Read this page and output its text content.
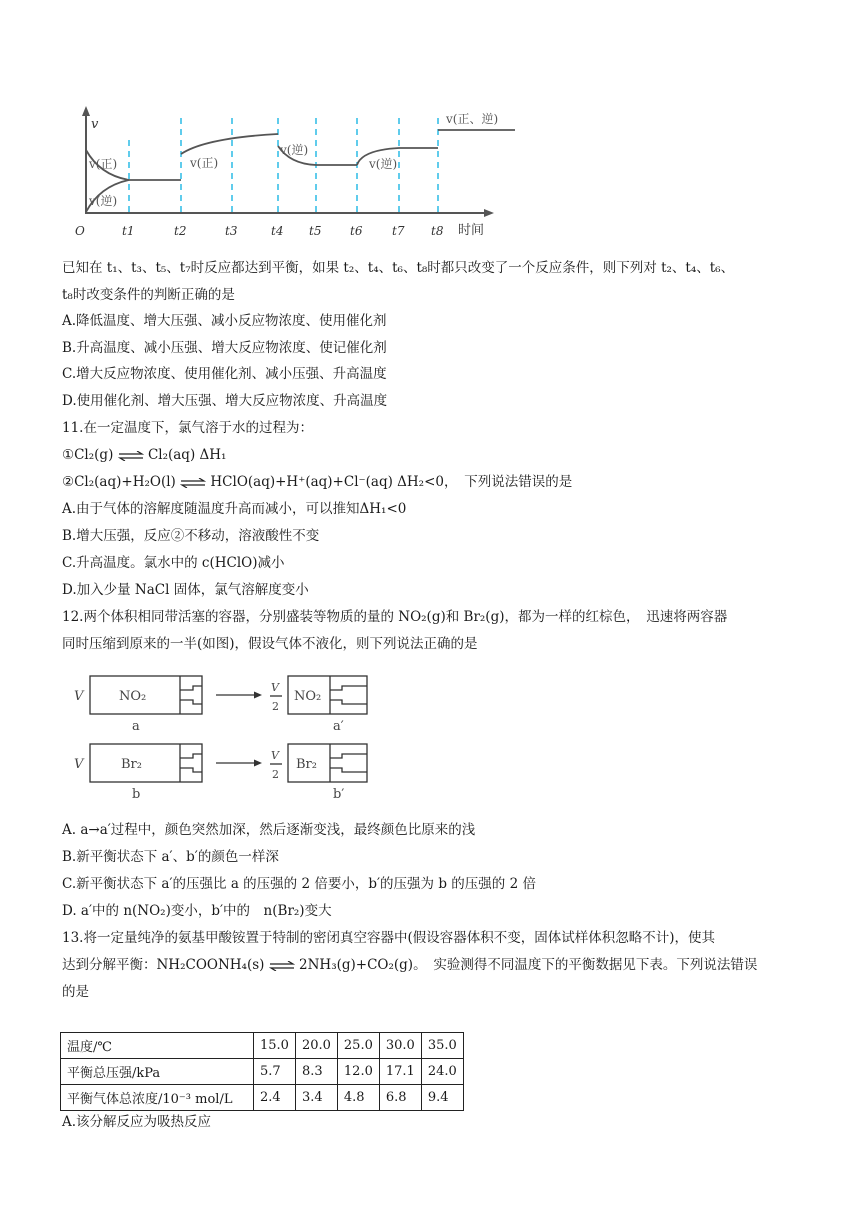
v
时间
O	t1	t2	t3	t4 t5 t6 t7 t8
v(正)
v(逆)
v(正)
v(逆)
v(逆)
v(正、逆)
已知在 t₁、t₃、t₅、t₇时反应都达到平衡，如果 t₂、t₄、t₆、t₈时都只改变了一个反应条件，则下列对 t₂、t₄、t₆、
t₈时改变条件的判断正确的是
A.降低温度、增大压强、减小反应物浓度、使用催化剂
B.升高温度、减小压强、增大反应物浓度、使记催化剂
C.增大反应物浓度、使用催化剂、减小压强、升高温度
D.使用催化剂、增大压强、增大反应物浓度、升高温度
11.在一定温度下，氯气溶于水的过程为：
①Cl₂(g) ⇌ Cl₂(aq) ΔH₁
②Cl₂(aq)+H₂O(l) ⇌ HClO(aq)+H⁺(aq)+Cl⁻(aq) ΔH₂<0，　下列说法错误的是
A.由于气体的溶解度随温度升高而减小，可以推知ΔH₁<0
B.增大压强，反应②不移动，溶液酸性不变
C.升高温度。氯水中的 c(HClO)减小
D.加入少量 NaCl 固体，氯气溶解度变小
12.两个体积相同带活塞的容器，分别盛装等物质的量的 NO₂(g)和 Br₂(g)，都为一样的红棕色，　迅速将两容器
同时压缩到原来的一半(如图)，假设气体不液化，则下列说法正确的是
V
V
V
2
V
2
NO₂	NO₂
Br₂	Br₂
a	a′
b	b′
A. a→a′过程中，颜色突然加深，然后逐渐变浅，最终颜色比原来的浅
B.新平衡状态下 a′、b′的颜色一样深
C.新平衡状态下 a′的压强比 a 的压强的 2 倍要小，b′的压强为 b 的压强的 2 倍
D. a′中的 n(NO₂)变小，b′中的　n(Br₂)变大
13.将一定量纯净的氨基甲酸铵置于特制的密闭真空容器中(假设容器体积不变，固体试样体积忽略不计)，使其
达到分解平衡：NH₂COONH₄(s) ⇌ 2NH₃(g)+CO₂(g)。　实验测得不同温度下的平衡数据见下表。下列说法错误
的是
温度/℃	15.0	20.0	25.0	30.0	35.0
平衡总压强/kPa	5.7	8.3	12.0	17.1	24.0
平衡气体总浓度/10⁻³ mol/L	2.4	3.4	4.8	6.8	9.4
A.该分解反应为吸热反应
